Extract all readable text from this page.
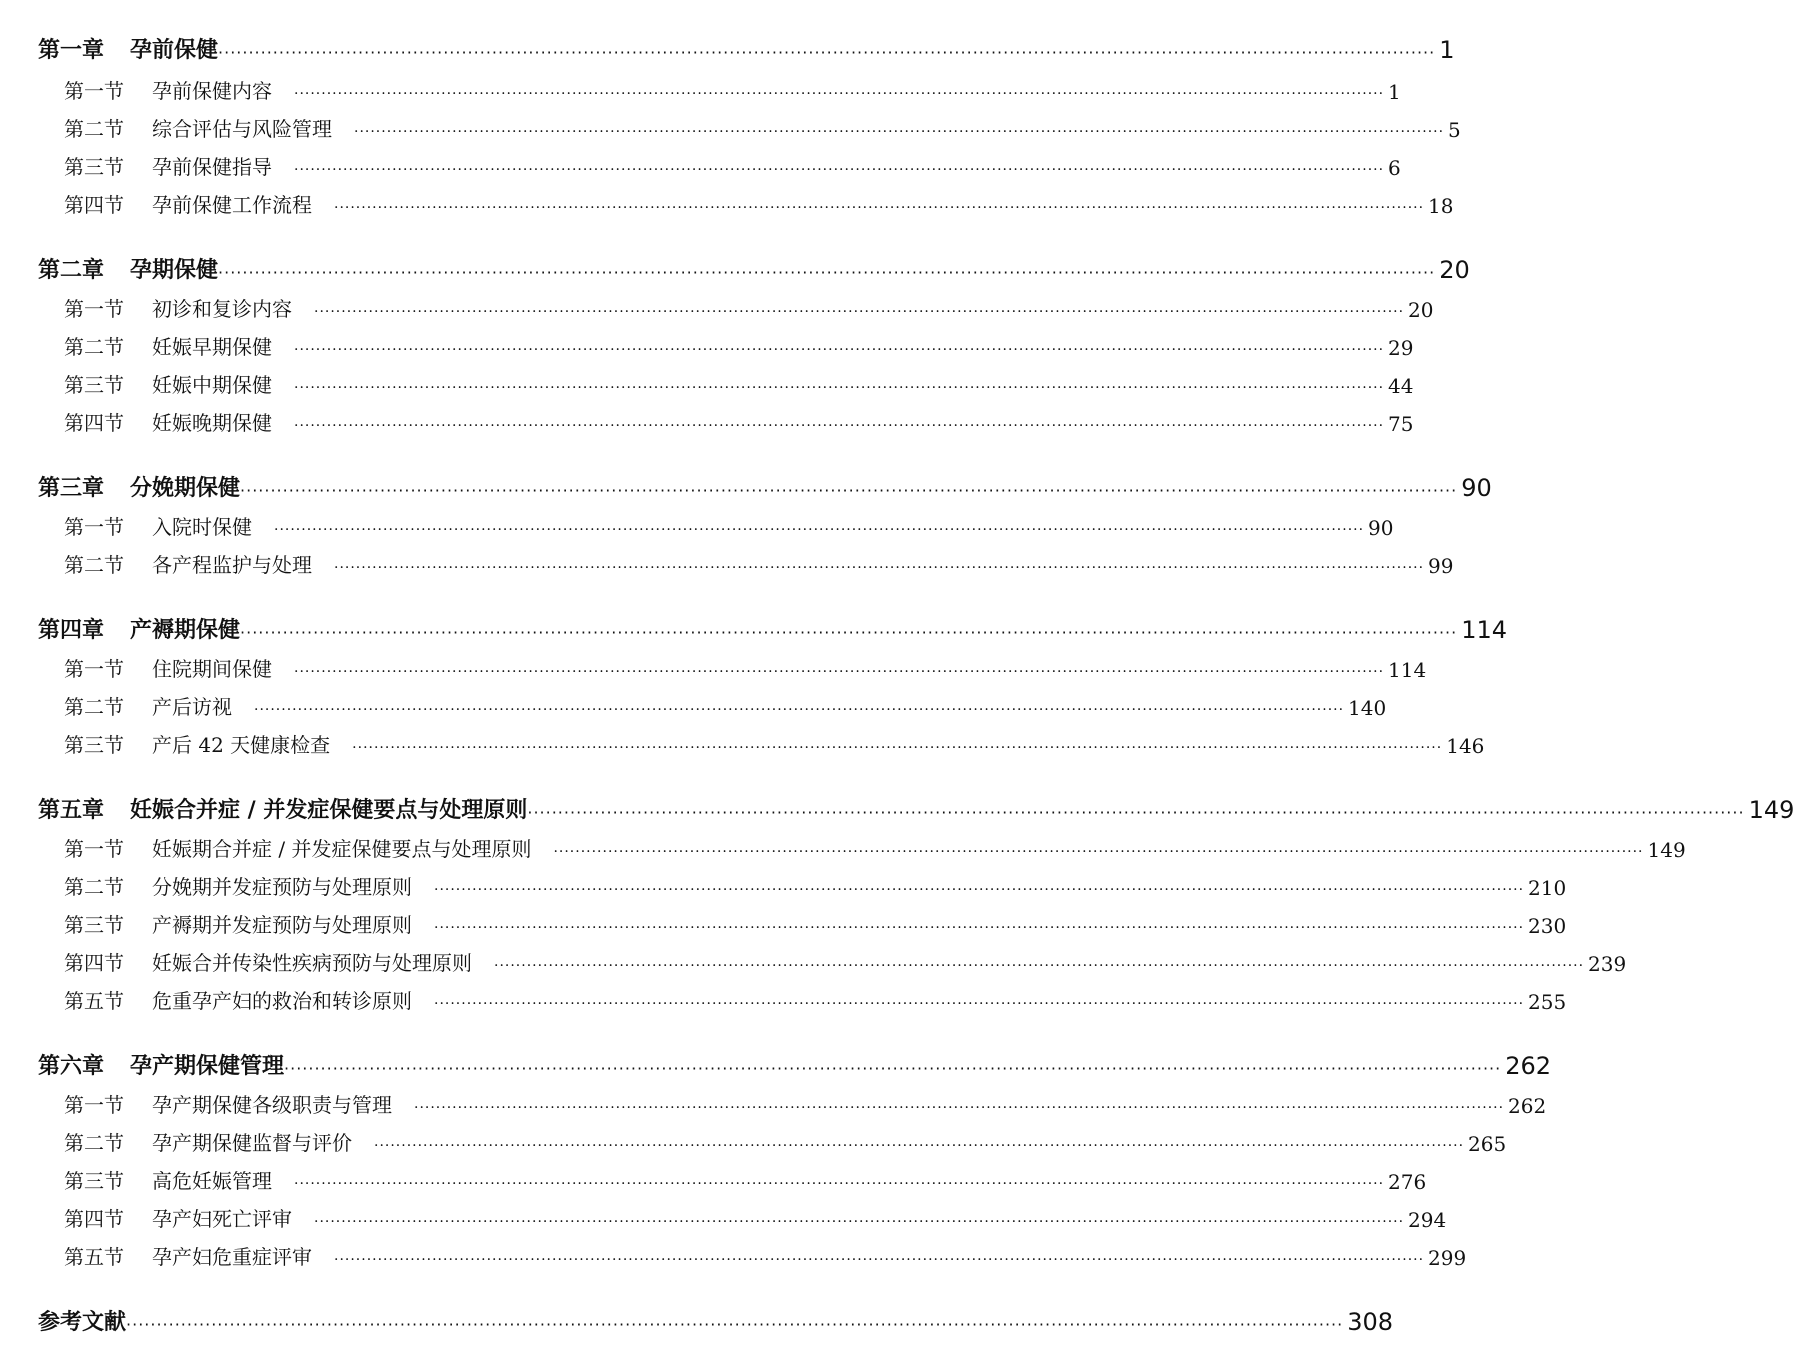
第一章 孕前保健 ········································································································································································································ 1
第一节 孕前保健内容 ········································································································································································································ 1
第二节 综合评估与风险管理 ········································································································································································································ 5
第三节 孕前保健指导 ········································································································································································································ 6
第四节 孕前保健工作流程 ········································································································································································································ 18
第二章 孕期保健 ········································································································································································································ 20
第一节 初诊和复诊内容 ········································································································································································································ 20
第二节 妊娠早期保健 ········································································································································································································ 29
第三节 妊娠中期保健 ········································································································································································································ 44
第四节 妊娠晚期保健 ········································································································································································································ 75
第三章 分娩期保健 ········································································································································································································ 90
第一节 入院时保健 ········································································································································································································ 90
第二节 各产程监护与处理 ········································································································································································································ 99
第四章 产褥期保健 ········································································································································································································ 114
第一节 住院期间保健 ········································································································································································································ 114
第二节 产后访视 ········································································································································································································ 140
第三节 产后 42 天健康检查 ········································································································································································································ 146
第五章 妊娠合并症 / 并发症保健要点与处理原则 ········································································································································································································ 149
第一节 妊娠期合并症 / 并发症保健要点与处理原则 ········································································································································································································ 149
第二节 分娩期并发症预防与处理原则 ········································································································································································································ 210
第三节 产褥期并发症预防与处理原则 ········································································································································································································ 230
第四节 妊娠合并传染性疾病预防与处理原则 ········································································································································································································ 239
第五节 危重孕产妇的救治和转诊原则 ········································································································································································································ 255
第六章 孕产期保健管理 ········································································································································································································ 262
第一节 孕产期保健各级职责与管理 ········································································································································································································ 262
第二节 孕产期保健监督与评价 ········································································································································································································ 265
第三节 高危妊娠管理 ········································································································································································································ 276
第四节 孕产妇死亡评审 ········································································································································································································ 294
第五节 孕产妇危重症评审 ········································································································································································································ 299
参考文献 ········································································································································································································ 308
